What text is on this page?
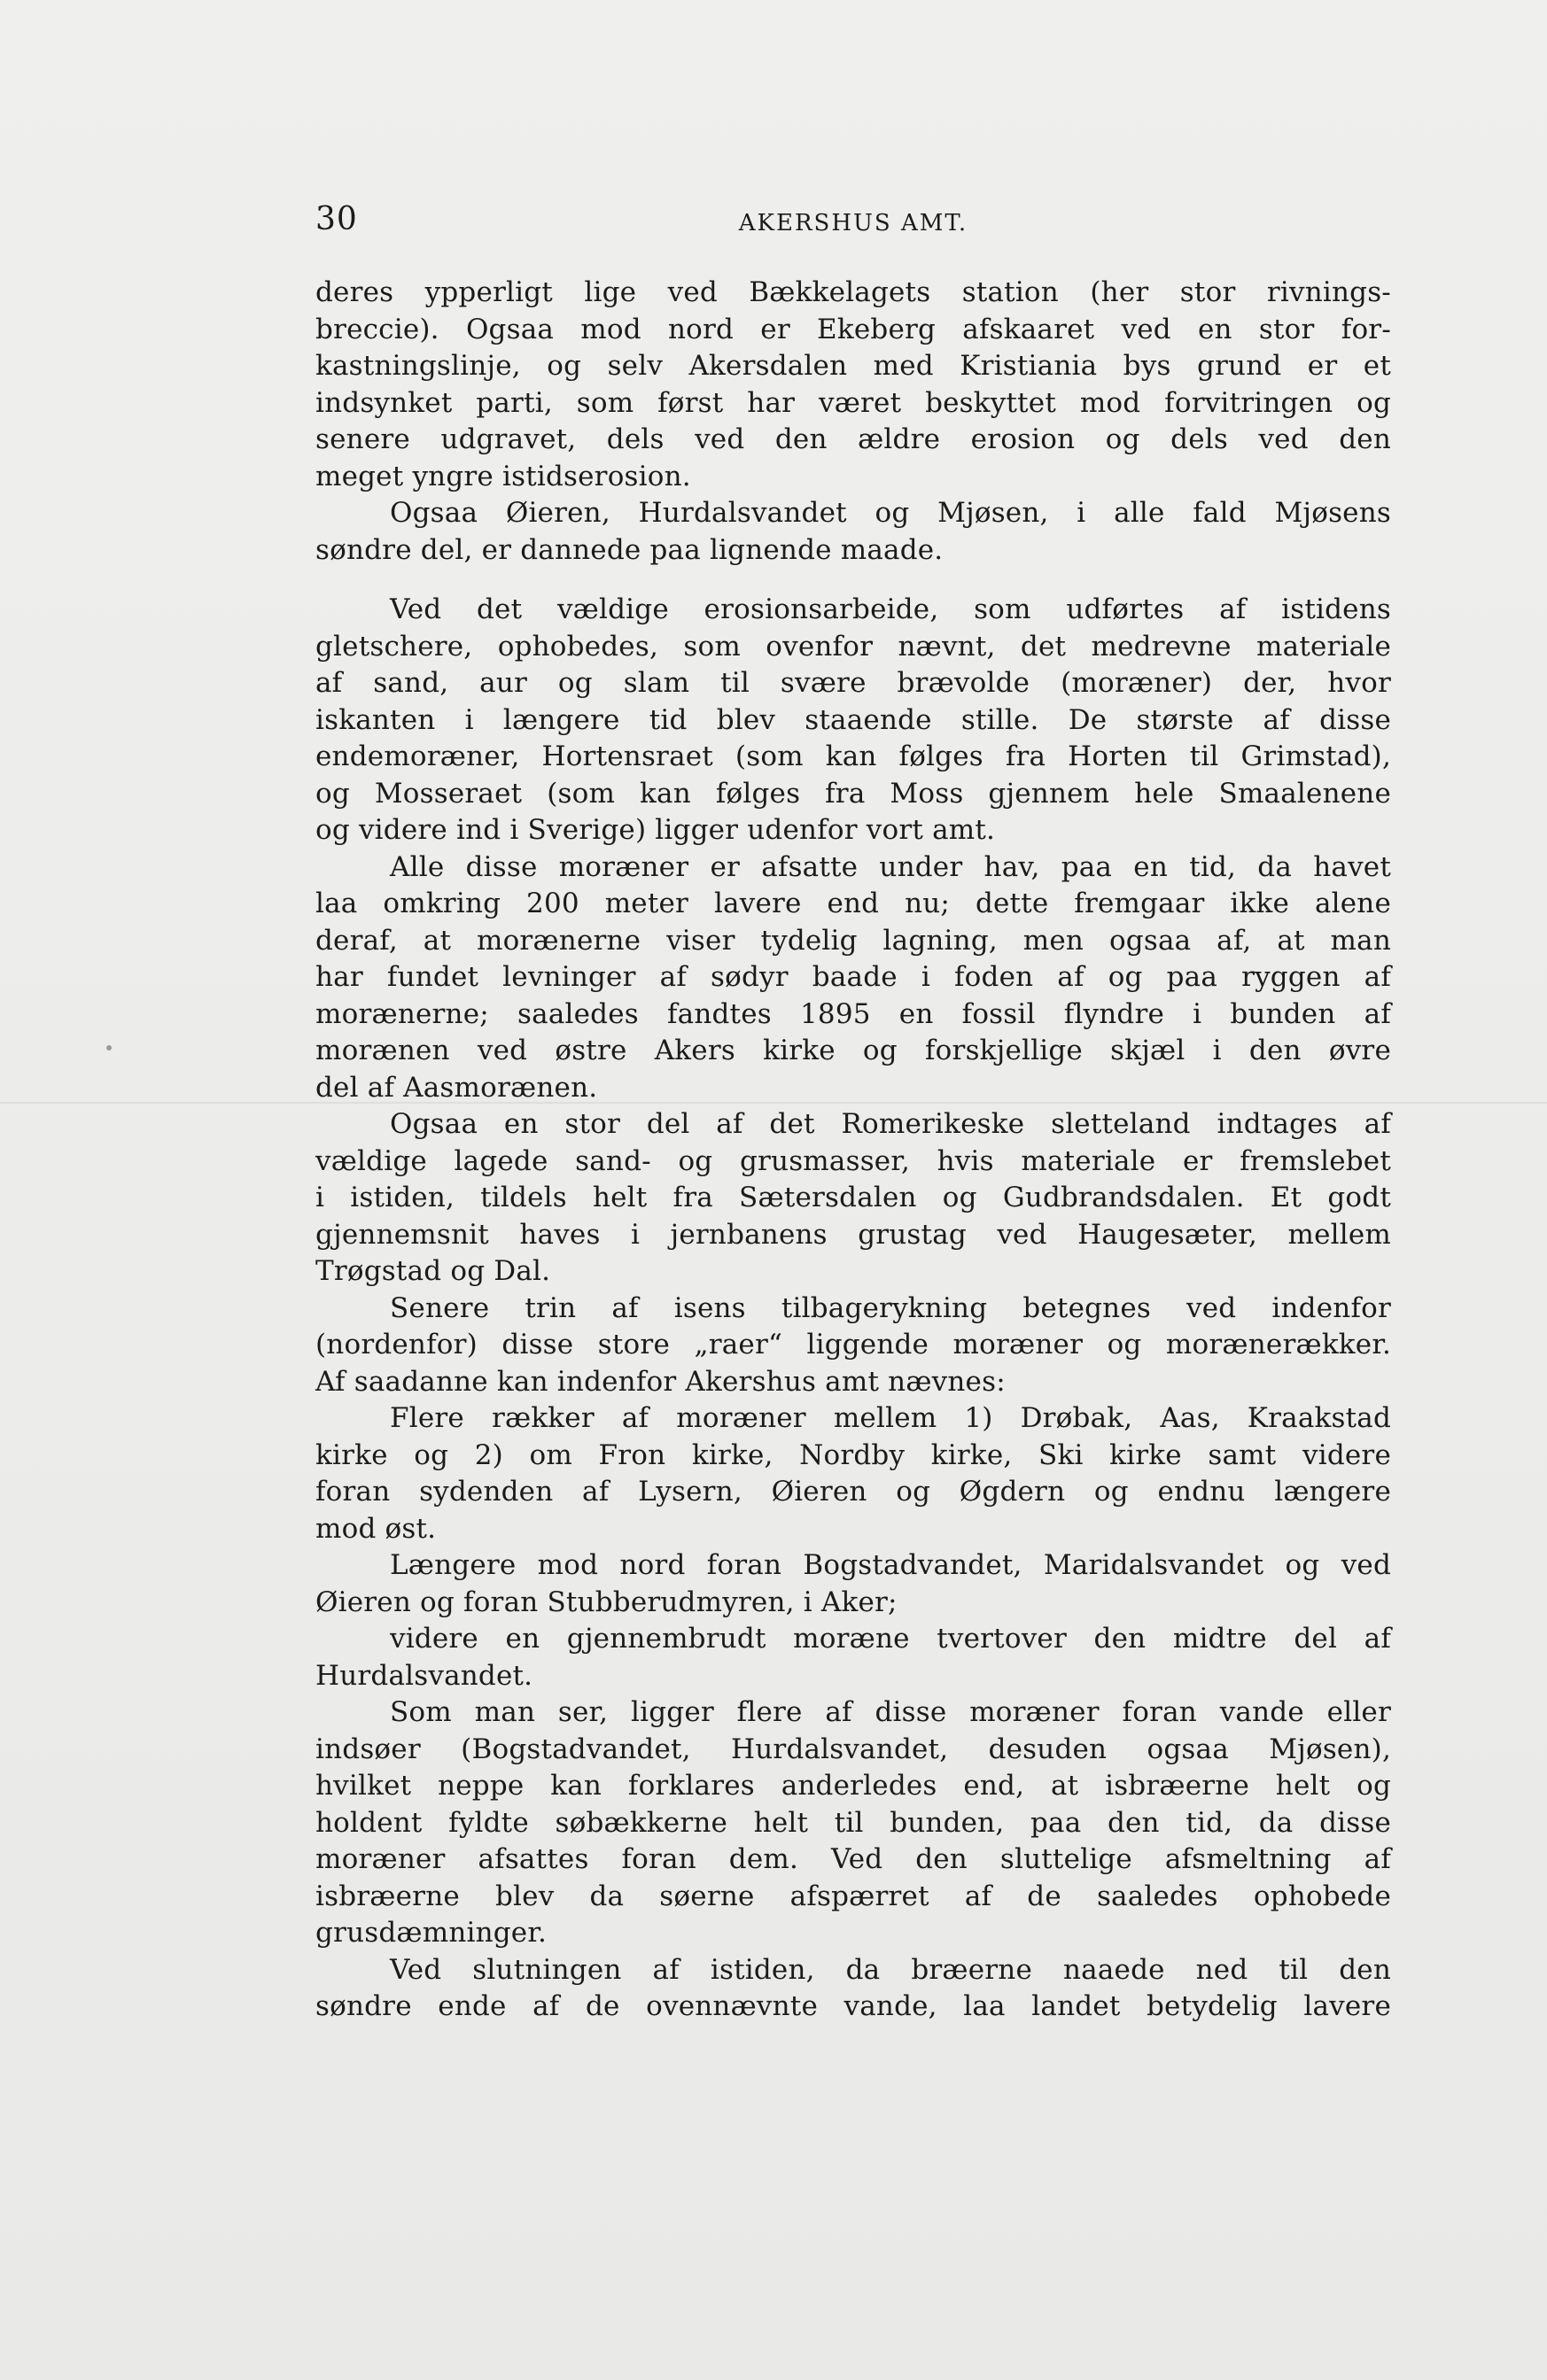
30	AKERSHUS AMT.
deres ypperligt lige ved Bækkelagets station (her stor rivnings-
breccie). Ogsaa mod nord er Ekeberg afskaaret ved en stor for-
kastningslinje, og selv Akersdalen med Kristiania bys grund er et
indsynket parti, som først har været beskyttet mod forvitringen og
senere udgravet, dels ved den ældre erosion og dels ved den
meget yngre istidserosion.
Ogsaa Øieren, Hurdalsvandet og Mjøsen, i alle fald Mjøsens
søndre del, er dannede paa lignende maade.
Ved det vældige erosionsarbeide, som udførtes af istidens
gletschere, ophobedes, som ovenfor nævnt, det medrevne materiale
af sand, aur og slam til svære brævolde (moræner) der, hvor
iskanten i længere tid blev staaende stille. De største af disse
endemoræner, Hortensraet (som kan følges fra Horten til Grimstad),
og Mosseraet (som kan følges fra Moss gjennem hele Smaalenene
og videre ind i Sverige) ligger udenfor vort amt.
Alle disse moræner er afsatte under hav, paa en tid, da havet
laa omkring 200 meter lavere end nu; dette fremgaar ikke alene
deraf, at morænerne viser tydelig lagning, men ogsaa af, at man
har fundet levninger af sødyr baade i foden af og paa ryggen af
morænerne; saaledes fandtes 1895 en fossil flyndre i bunden af
morænen ved østre Akers kirke og forskjellige skjæl i den øvre
del af Aasmorænen.
Ogsaa en stor del af det Romerikeske sletteland indtages af
vældige lagede sand- og grusmasser, hvis materiale er fremslebet
i istiden, tildels helt fra Sætersdalen og Gudbrandsdalen. Et godt
gjennemsnit haves i jernbanens grustag ved Haugesæter, mellem
Trøgstad og Dal.
Senere trin af isens tilbagerykning betegnes ved indenfor
(nordenfor) disse store „raer“ liggende moræner og morænerækker.
Af saadanne kan indenfor Akershus amt nævnes:
Flere rækker af moræner mellem 1) Drøbak, Aas, Kraakstad
kirke og 2) om Fron kirke, Nordby kirke, Ski kirke samt videre
foran sydenden af Lysern, Øieren og Øgdern og endnu længere
mod øst.
Længere mod nord foran Bogstadvandet, Maridalsvandet og ved
Øieren og foran Stubberudmyren, i Aker;
videre en gjennembrudt moræne tvertover den midtre del af
Hurdalsvandet.
Som man ser, ligger flere af disse moræner foran vande eller
indsøer (Bogstadvandet, Hurdalsvandet, desuden ogsaa Mjøsen),
hvilket neppe kan forklares anderledes end, at isbræerne helt og
holdent fyldte søbækkerne helt til bunden, paa den tid, da disse
moræner afsattes foran dem. Ved den sluttelige afsmeltning af
isbræerne blev da søerne afspærret af de saaledes ophobede
grusdæmninger.
Ved slutningen af istiden, da bræerne naaede ned til den
søndre ende af de ovennævnte vande, laa landet betydelig lavere
